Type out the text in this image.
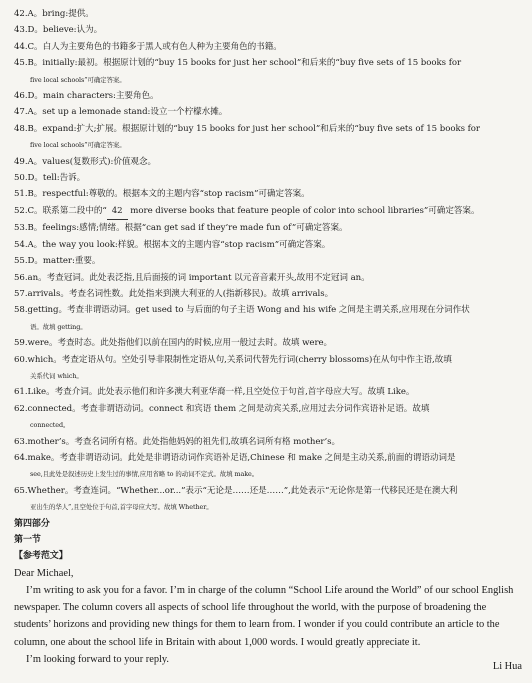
42.A。bring:提供。
43.D。believe:认为。
44.C。白人为主要角色的书籍多于黑人或有色人种为主要角色的书籍。
45.B。initially:最初。根据原计划的“buy 15 books for just her school”和后来的“buy five sets of 15 books for
five local schools”可确定答案。
46.D。main characters:主要角色。
47.A。set up a lemonade stand:设立一个柠檬水摊。
48.B。expand:扩大;扩展。根据原计划的“buy 15 books for just her school”和后来的“buy five sets of 15 books for
five local schools”可确定答案。
49.A。values(复数形式):价值观念。
50.D。tell:告诉。
51.B。respectful:尊敬的。根据本文的主题内容“stop racism”可确定答案。
52.C。联系第二段中的“ 42 more diverse books that feature people of color into school libraries”可确定答案。
53.B。feelings:感情;情绪。根据“can get sad if they’re made fun of”可确定答案。
54.A。the way you look:样貌。根据本文的主题内容“stop racism”可确定答案。
55.D。matter:重要。
56.an。考查冠词。此处表泛指,且后面接的词 important 以元音音素开头,故用不定冠词 an。
57.arrivals。考查名词性数。此处指来到澳大利亚的人(指新移民)。故填 arrivals。
58.getting。考查非谓语动词。get used to 与后面的句子主语 Wong and his wife 之间是主谓关系,应用现在分词作状
语。故填 getting。
59.were。考查时态。此处指他们以前在国内的时候,应用一般过去时。故填 were。
60.which。考查定语从句。空处引导非限制性定语从句,关系词代替先行词(cherry blossoms)在从句中作主语,故填
关系代词 which。
61.Like。考查介词。此处表示他们和许多澳大利亚华裔一样,且空处位于句首,首字母应大写。故填 Like。
62.connected。考查非谓语动词。connect 和宾语 them 之间是动宾关系,应用过去分词作宾语补足语。故填
connected。
63.mother’s。考查名词所有格。此处指他妈妈的祖先们,故填名词所有格 mother’s。
64.make。考查非谓语动词。此处是非谓语动词作宾语补足语,Chinese 和 make 之间是主动关系,前面的谓语动词是
see,且此处是叙述历史上发生过的事情,应用省略 to 的动词不定式。故填 make。
65.Whether。考查连词。“Whether...or...”表示“无论是……还是……”,此处表示“无论你是第一代移民还是在澳大利
亚出生的华人”,且空处位于句首,首字母应大写。故填 Whether。
第四部分
第一节
【参考范文】
Dear Michael,
I’m writing to ask you for a favor. I’m in charge of the column “School Life around the World” of our school English newspaper. The column covers all aspects of school life throughout the world, with the purpose of broadening the students’ horizons and providing new things for them to learn from. I wonder if you could contribute an article to the column, one about the school life in Britain with about 1,000 words. I would greatly appreciate it.
I’m looking forward to your reply.
Li Hua
